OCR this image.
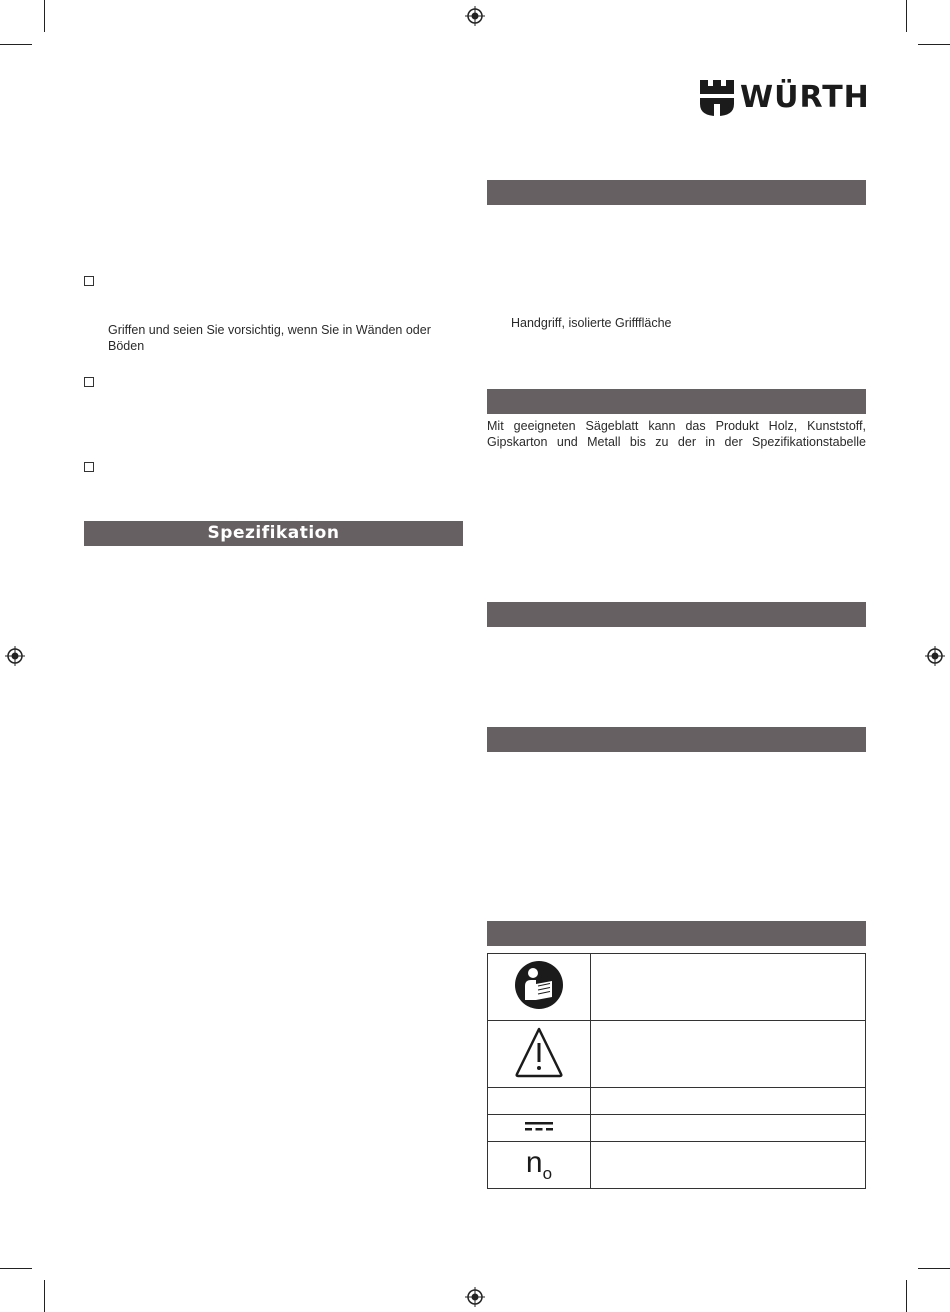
WÜRTH
Griffen und seien Sie vorsichtig, wenn Sie in Wänden oder Böden
Spezifikation
Handgriff, isolierte Grifffläche
Mit geeigneten Sägeblatt kann das Produkt Holz, Kunststoff,
Gipskarton und Metall bis zu der in der Spezifikationstabelle

$n_o$	
